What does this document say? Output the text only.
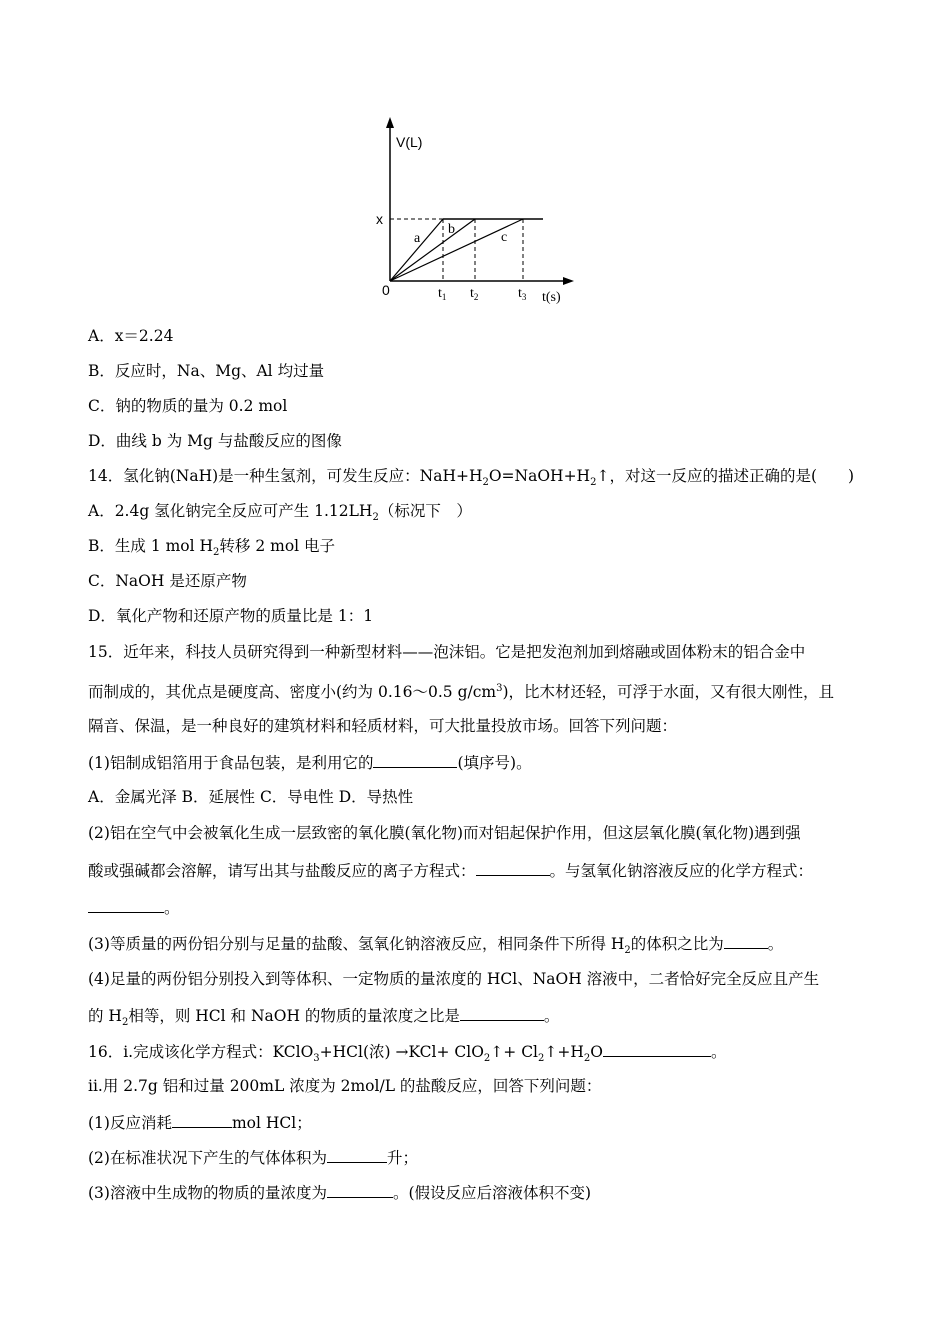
V(L)
x
0
a
b
c
$t_1$ $t_2$	$t_3$ t(s)
A．x＝2.24
B．反应时，Na、Mg、Al 均过量
C．钠的物质的量为 0.2 mol
D．曲线 b 为 Mg 与盐酸反应的图像
14．氢化钠(NaH)是一种生氢剂，可发生反应：$NaH+H_2O=NaOH+H_2↑$，对这一反应的描述正确的是(　　)
A．2.4g 氢化钠完全反应可产生 $1.12LH_2$（标况下　）
B．生成 1 mol $H_2$转移 2 mol 电子
C．NaOH 是还原产物
D．氧化产物和还原产物的质量比是 1：1
15．近年来，科技人员研究得到一种新型材料——泡沫铝。它是把发泡剂加到熔融或固体粉末的铝合金中
而制成的，其优点是硬度高、密度小(约为 0.16～0.5 $g/cm^3$)，比木材还轻，可浮于水面，又有很大刚性，且
隔音、保温，是一种良好的建筑材料和轻质材料，可大批量投放市场。回答下列问题：
(1)铝制成铝箔用于食品包装，是利用它的	(填序号)。
A．金属光泽 B．延展性 C．导电性 D．导热性
(2)铝在空气中会被氧化生成一层致密的氧化膜(氧化物)而对铝起保护作用，但这层氧化膜(氧化物)遇到强
酸或强碱都会溶解，请写出其与盐酸反应的离子方程式：	。与氢氧化钠溶液反应的化学方程式：
。
(3)等质量的两份铝分别与足量的盐酸、氢氧化钠溶液反应，相同条件下所得 $H_2$的体积之比为	。
(4)足量的两份铝分别投入到等体积、一定物质的量浓度的 HCl、NaOH 溶液中，二者恰好完全反应且产生
的 $H_2$相等，则 HCl 和 NaOH 的物质的量浓度之比是	。
16．i.完成该化学方程式：KClO$_3$+HCl(浓) →KCl+ ClO$_2$↑+ $Cl_2↑+H_2O$	。
ii.用 2.7g 铝和过量 200mL 浓度为 2mol/L 的盐酸反应，回答下列问题：
(1)反应消耗	mol HCl；
(2)在标准状况下产生的气体体积为	升；
(3)溶液中生成物的物质的量浓度为	。(假设反应后溶液体积不变)
